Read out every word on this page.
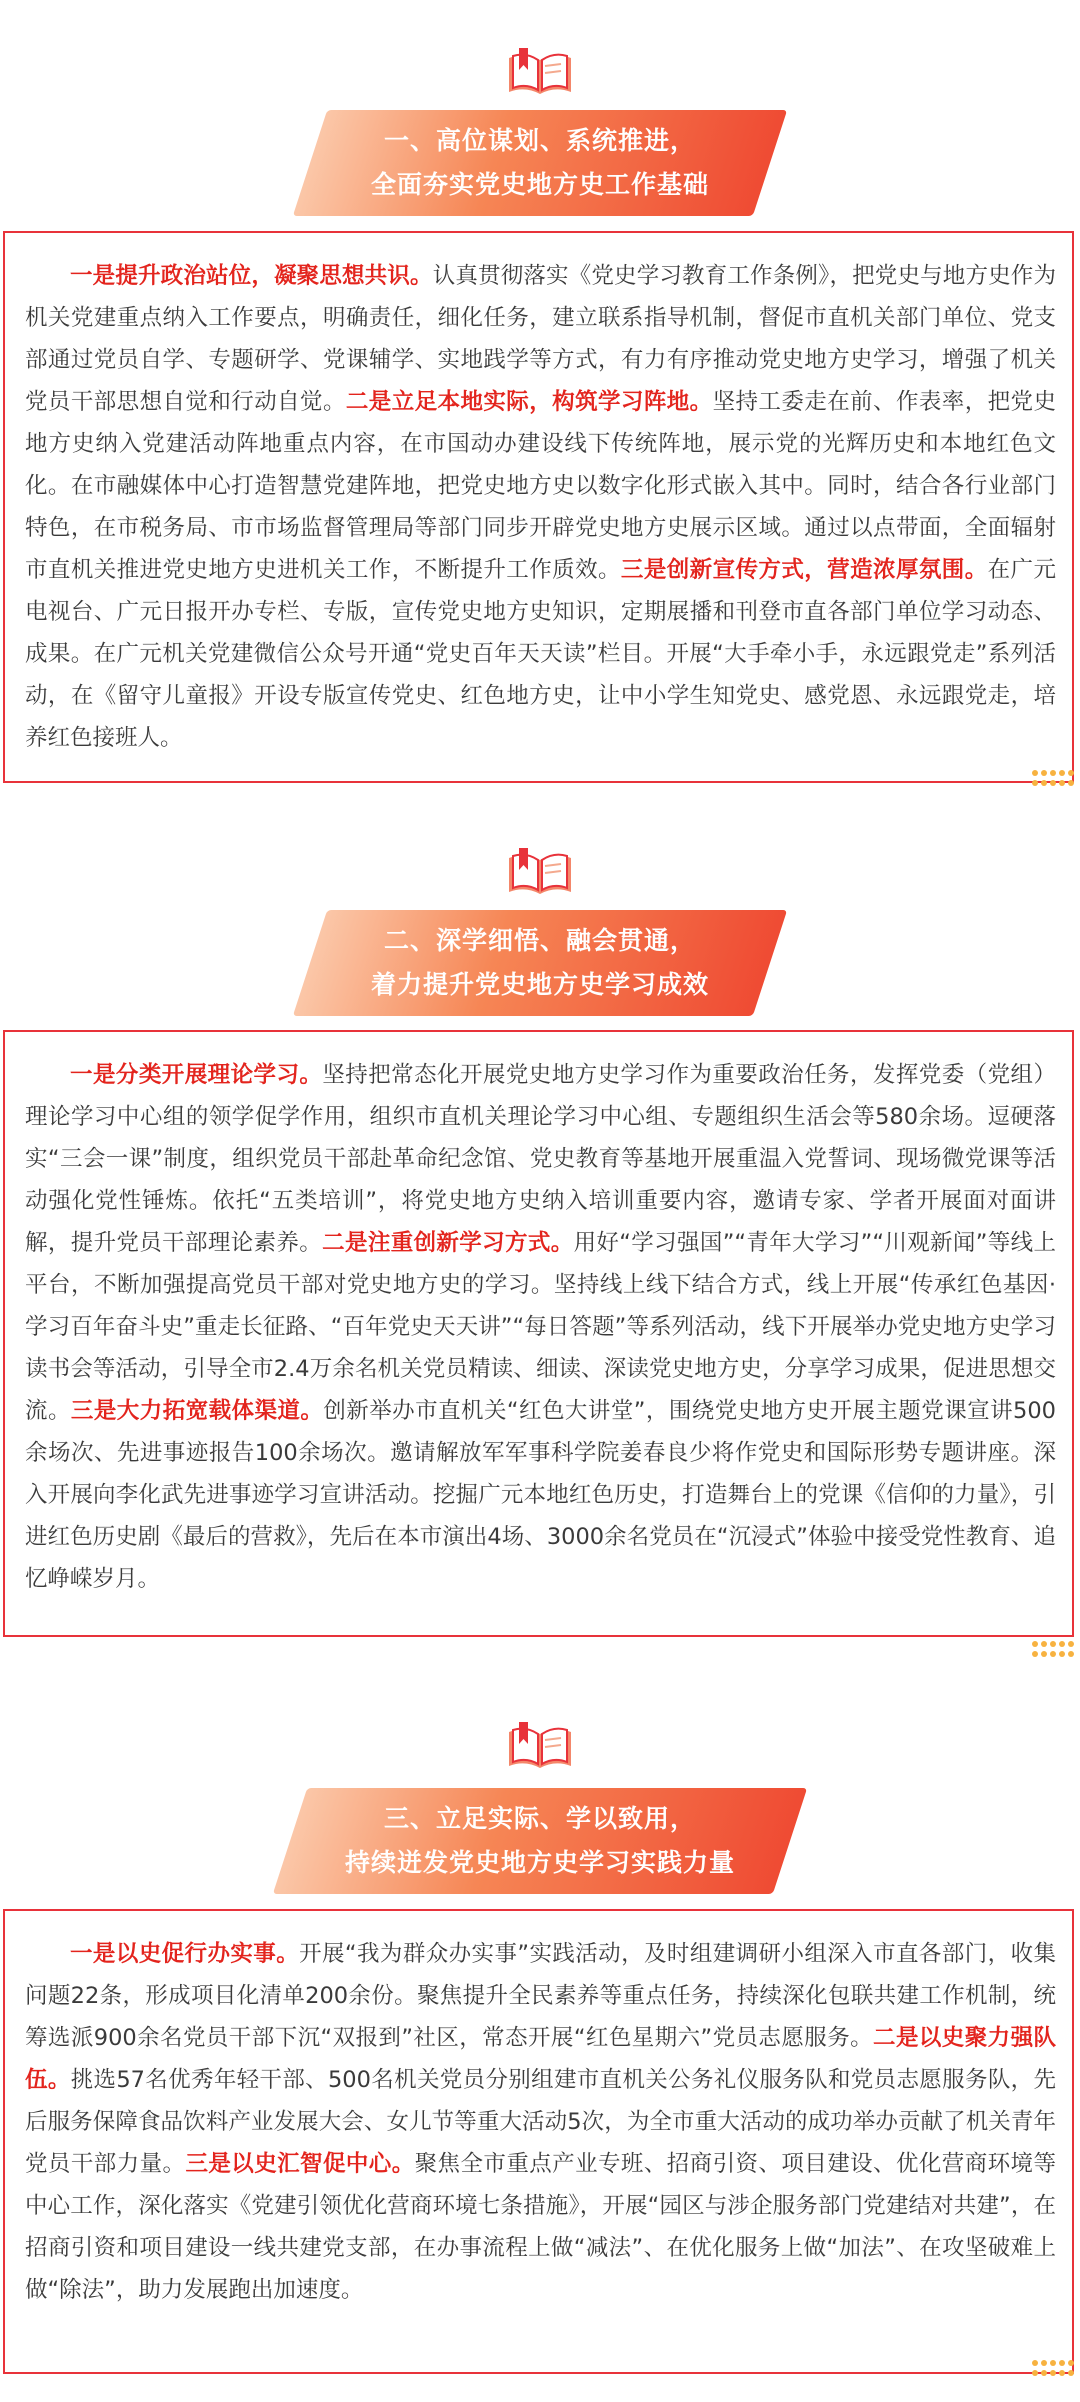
一、高位谋划、系统推进，
全面夯实党史地方史工作基础

一是提升政治站位，凝聚思想共识。认真贯彻落实《党史学习教育工作条例》，把党史与地方史作为机关党建重点纳入工作要点，明确责任，细化任务，建立联系指导机制，督促市直机关部门单位、党支部通过党员自学、专题研学、党课辅学、实地践学等方式，有力有序推动党史地方史学习，增强了机关党员干部思想自觉和行动自觉。二是立足本地实际，构筑学习阵地。坚持工委走在前、作表率，把党史地方史纳入党建活动阵地重点内容，在市国动办建设线下传统阵地，展示党的光辉历史和本地红色文化。在市融媒体中心打造智慧党建阵地，把党史地方史以数字化形式嵌入其中。同时，结合各行业部门特色，在市税务局、市市场监督管理局等部门同步开辟党史地方史展示区域。通过以点带面，全面辐射市直机关推进党史地方史进机关工作，不断提升工作质效。三是创新宣传方式，营造浓厚氛围。在广元电视台、广元日报开办专栏、专版，宣传党史地方史知识，定期展播和刊登市直各部门单位学习动态、成果。在广元机关党建微信公众号开通“党史百年天天读”栏目。开展“大手牵小手，永远跟党走”系列活动，在《留守儿童报》开设专版宣传党史、红色地方史，让中小学生知党史、感党恩、永远跟党走，培养红色接班人。

二、深学细悟、融会贯通，
着力提升党史地方史学习成效

一是分类开展理论学习。坚持把常态化开展党史地方史学习作为重要政治任务，发挥党委（党组）理论学习中心组的领学促学作用，组织市直机关理论学习中心组、专题组织生活会等580余场。逗硬落实“三会一课”制度，组织党员干部赴革命纪念馆、党史教育等基地开展重温入党誓词、现场微党课等活动强化党性锤炼。依托“五类培训”，将党史地方史纳入培训重要内容，邀请专家、学者开展面对面讲解，提升党员干部理论素养。二是注重创新学习方式。用好“学习强国”“青年大学习”“川观新闻”等线上平台，不断加强提高党员干部对党史地方史的学习。坚持线上线下结合方式，线上开展“传承红色基因·学习百年奋斗史”重走长征路、“百年党史天天讲”“每日答题”等系列活动，线下开展举办党史地方史学习读书会等活动，引导全市2.4万余名机关党员精读、细读、深读党史地方史，分享学习成果，促进思想交流。三是大力拓宽载体渠道。创新举办市直机关“红色大讲堂”，围绕党史地方史开展主题党课宣讲500余场次、先进事迹报告100余场次。邀请解放军军事科学院姜春良少将作党史和国际形势专题讲座。深入开展向李化武先进事迹学习宣讲活动。挖掘广元本地红色历史，打造舞台上的党课《信仰的力量》，引进红色历史剧《最后的营救》，先后在本市演出4场、3000余名党员在“沉浸式”体验中接受党性教育、追忆峥嵘岁月。

三、立足实际、学以致用，
持续迸发党史地方史学习实践力量

一是以史促行办实事。开展“我为群众办实事”实践活动，及时组建调研小组深入市直各部门，收集问题22条，形成项目化清单200余份。聚焦提升全民素养等重点任务，持续深化包联共建工作机制，统筹选派900余名党员干部下沉“双报到”社区，常态开展“红色星期六”党员志愿服务。二是以史聚力强队伍。挑选57名优秀年轻干部、500名机关党员分别组建市直机关公务礼仪服务队和党员志愿服务队，先后服务保障食品饮料产业发展大会、女儿节等重大活动5次，为全市重大活动的成功举办贡献了机关青年党员干部力量。三是以史汇智促中心。聚焦全市重点产业专班、招商引资、项目建设、优化营商环境等中心工作，深化落实《党建引领优化营商环境七条措施》，开展“园区与涉企服务部门党建结对共建”，在招商引资和项目建设一线共建党支部，在办事流程上做“减法”、在优化服务上做“加法”、在攻坚破难上做“除法”，助力发展跑出加速度。
